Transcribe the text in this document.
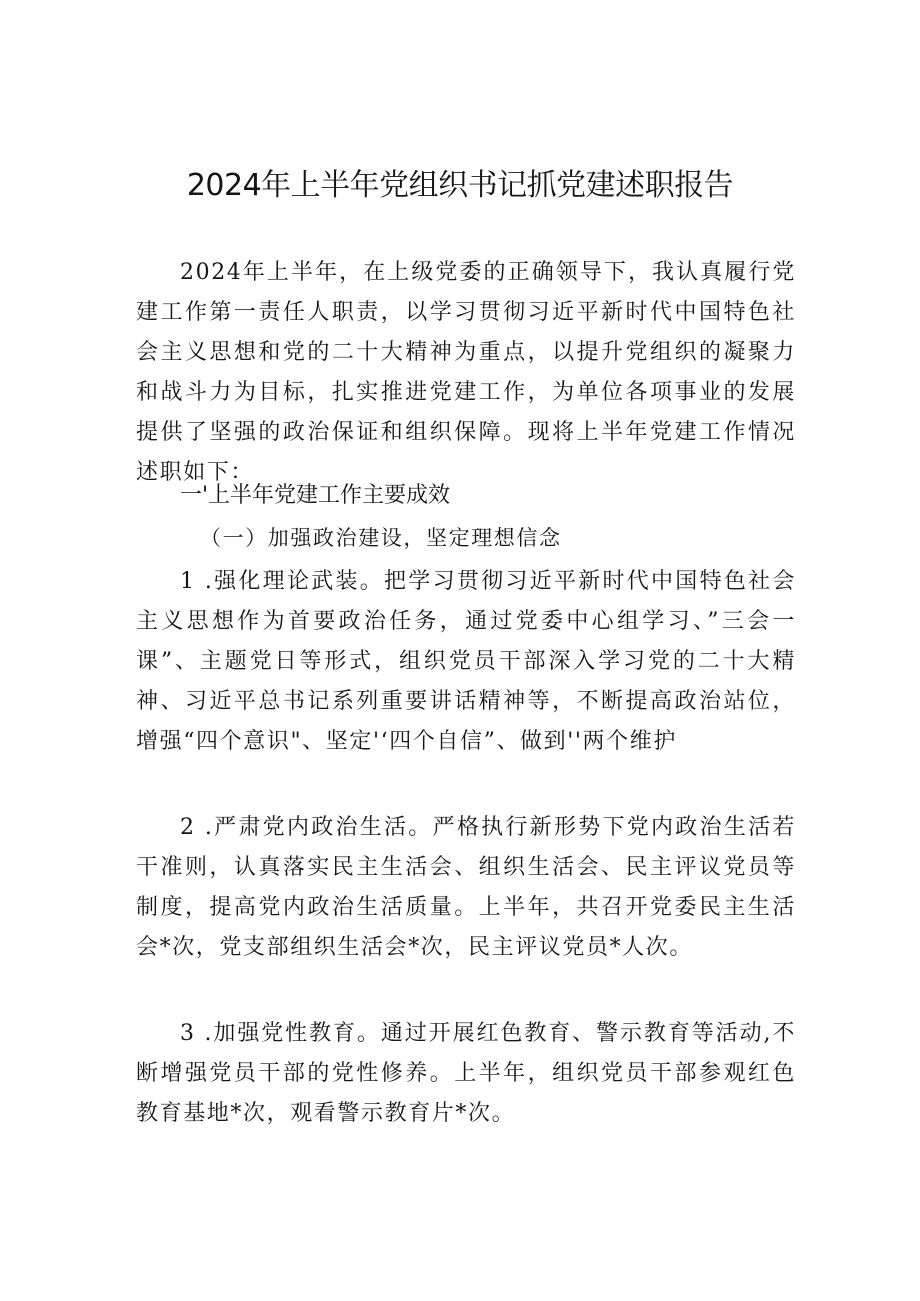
2024年上半年党组织书记抓党建述职报告

2024年上半年，在上级党委的正确领导下，我认真履行党建工作第一责任人职责，以学习贯彻习近平新时代中国特色社会主义思想和党的二十大精神为重点，以提升党组织的凝聚力和战斗力为目标，扎实推进党建工作，为单位各项事业的发展提供了坚强的政治保证和组织保障。现将上半年党建工作情况述职如下：

一'上半年党建工作主要成效
（一）加强政治建设，坚定理想信念

1 .强化理论武装。把学习贯彻习近平新时代中国特色社会主义思想作为首要政治任务，通过党委中心组学习、”三会一课”、主题党日等形式，组织党员干部深入学习党的二十大精神、习近平总书记系列重要讲话精神等，不断提高政治站位，增强“四个意识"、坚定'‘四个自信”、做到''两个维护

2 .严肃党内政治生活。严格执行新形势下党内政治生活若干准则，认真落实民主生活会、组织生活会、民主评议党员等制度，提高党内政治生活质量。上半年，共召开党委民主生活会*次，党支部组织生活会*次，民主评议党员*人次。

3 .加强党性教育。通过开展红色教育、警示教育等活动,不断增强党员干部的党性修养。上半年，组织党员干部参观红色教育基地*次，观看警示教育片*次。
